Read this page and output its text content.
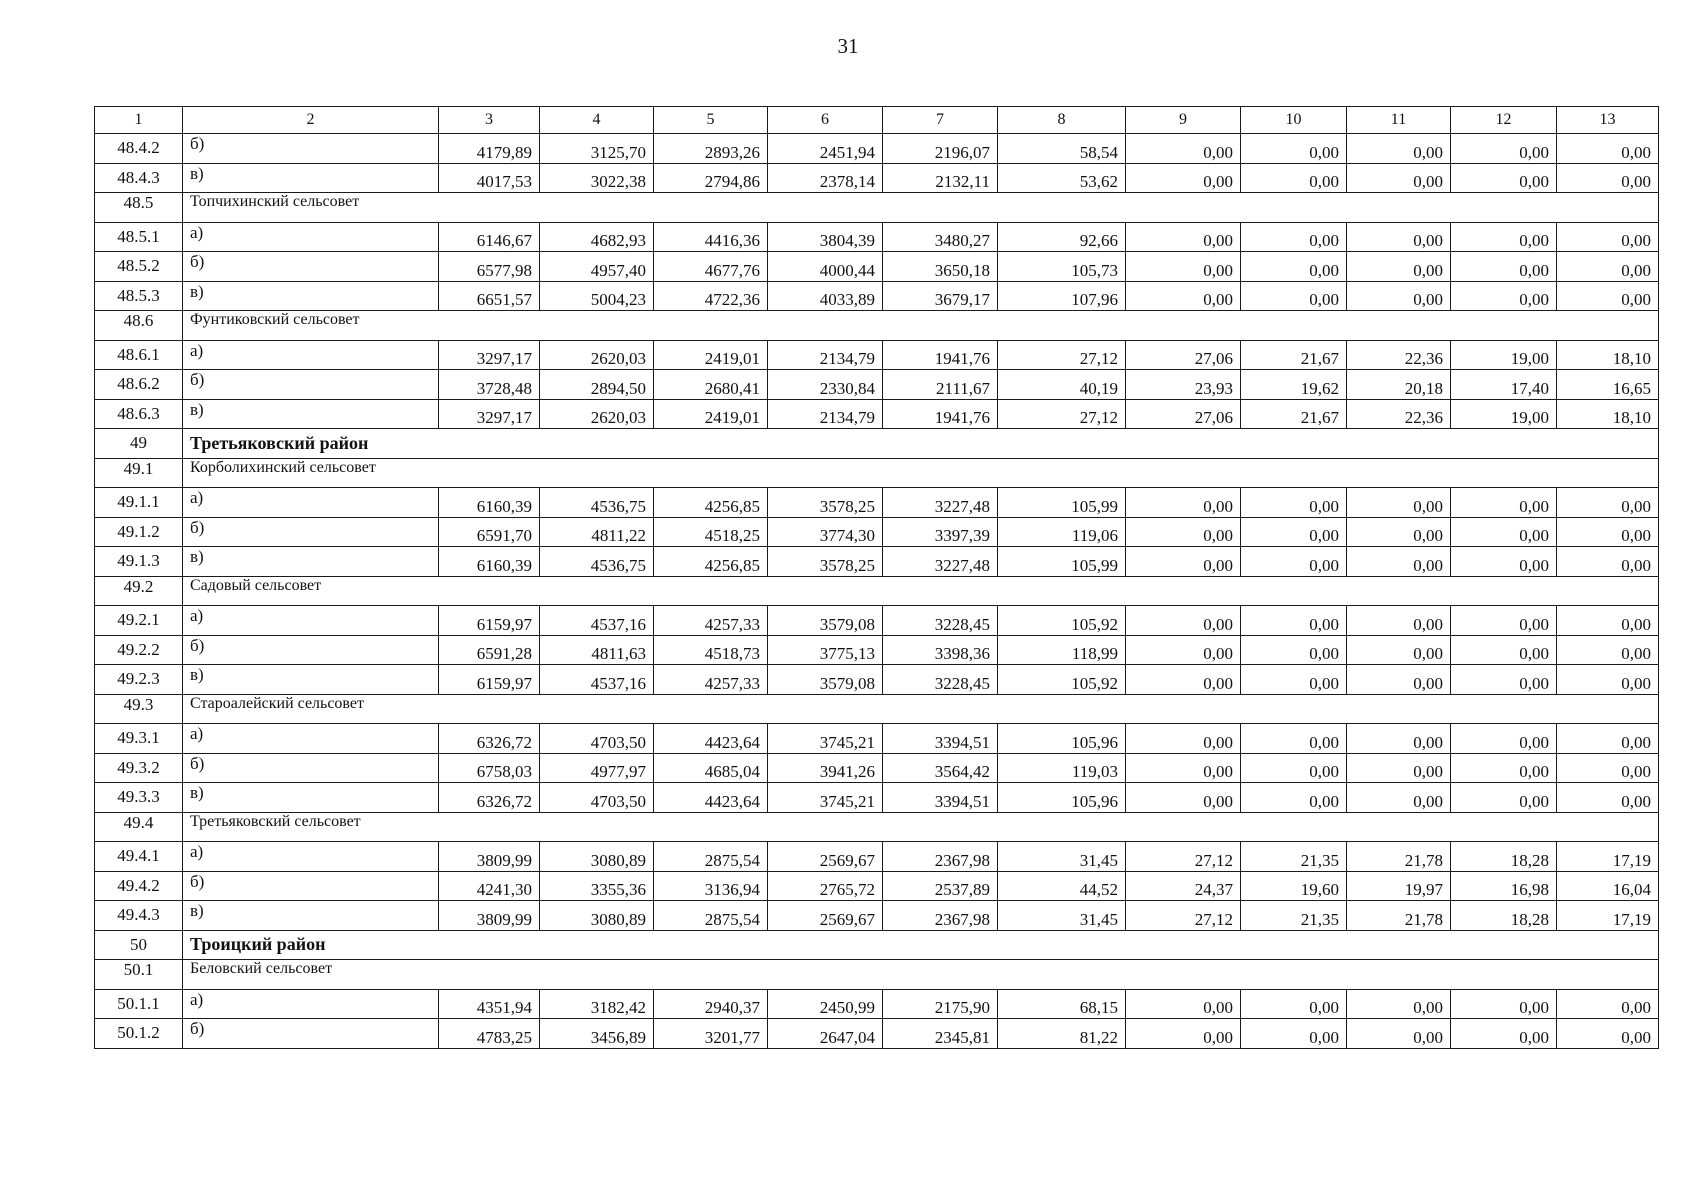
31
1	2	3	4	5	6	7	8	9	10	11	12	13
48.4.2	б)	4179,89	3125,70	2893,26	2451,94	2196,07	58,54	0,00	0,00	0,00	0,00	0,00
48.4.3	в)	4017,53	3022,38	2794,86	2378,14	2132,11	53,62	0,00	0,00	0,00	0,00	0,00
48.5	Топчихинский сельсовет											
48.5.1	а)	6146,67	4682,93	4416,36	3804,39	3480,27	92,66	0,00	0,00	0,00	0,00	0,00
48.5.2	б)	6577,98	4957,40	4677,76	4000,44	3650,18	105,73	0,00	0,00	0,00	0,00	0,00
48.5.3	в)	6651,57	5004,23	4722,36	4033,89	3679,17	107,96	0,00	0,00	0,00	0,00	0,00
48.6	Фунтиковский сельсовет											
48.6.1	а)	3297,17	2620,03	2419,01	2134,79	1941,76	27,12	27,06	21,67	22,36	19,00	18,10
48.6.2	б)	3728,48	2894,50	2680,41	2330,84	2111,67	40,19	23,93	19,62	20,18	17,40	16,65
48.6.3	в)	3297,17	2620,03	2419,01	2134,79	1941,76	27,12	27,06	21,67	22,36	19,00	18,10
49	Третьяковский район											
49.1	Корболихинский сельсовет											
49.1.1	а)	6160,39	4536,75	4256,85	3578,25	3227,48	105,99	0,00	0,00	0,00	0,00	0,00
49.1.2	б)	6591,70	4811,22	4518,25	3774,30	3397,39	119,06	0,00	0,00	0,00	0,00	0,00
49.1.3	в)	6160,39	4536,75	4256,85	3578,25	3227,48	105,99	0,00	0,00	0,00	0,00	0,00
49.2	Садовый сельсовет											
49.2.1	а)	6159,97	4537,16	4257,33	3579,08	3228,45	105,92	0,00	0,00	0,00	0,00	0,00
49.2.2	б)	6591,28	4811,63	4518,73	3775,13	3398,36	118,99	0,00	0,00	0,00	0,00	0,00
49.2.3	в)	6159,97	4537,16	4257,33	3579,08	3228,45	105,92	0,00	0,00	0,00	0,00	0,00
49.3	Староалейский сельсовет											
49.3.1	а)	6326,72	4703,50	4423,64	3745,21	3394,51	105,96	0,00	0,00	0,00	0,00	0,00
49.3.2	б)	6758,03	4977,97	4685,04	3941,26	3564,42	119,03	0,00	0,00	0,00	0,00	0,00
49.3.3	в)	6326,72	4703,50	4423,64	3745,21	3394,51	105,96	0,00	0,00	0,00	0,00	0,00
49.4	Третьяковский сельсовет											
49.4.1	а)	3809,99	3080,89	2875,54	2569,67	2367,98	31,45	27,12	21,35	21,78	18,28	17,19
49.4.2	б)	4241,30	3355,36	3136,94	2765,72	2537,89	44,52	24,37	19,60	19,97	16,98	16,04
49.4.3	в)	3809,99	3080,89	2875,54	2569,67	2367,98	31,45	27,12	21,35	21,78	18,28	17,19
50	Троицкий район											
50.1	Беловский сельсовет											
50.1.1	а)	4351,94	3182,42	2940,37	2450,99	2175,90	68,15	0,00	0,00	0,00	0,00	0,00
50.1.2	б)	4783,25	3456,89	3201,77	2647,04	2345,81	81,22	0,00	0,00	0,00	0,00	0,00
